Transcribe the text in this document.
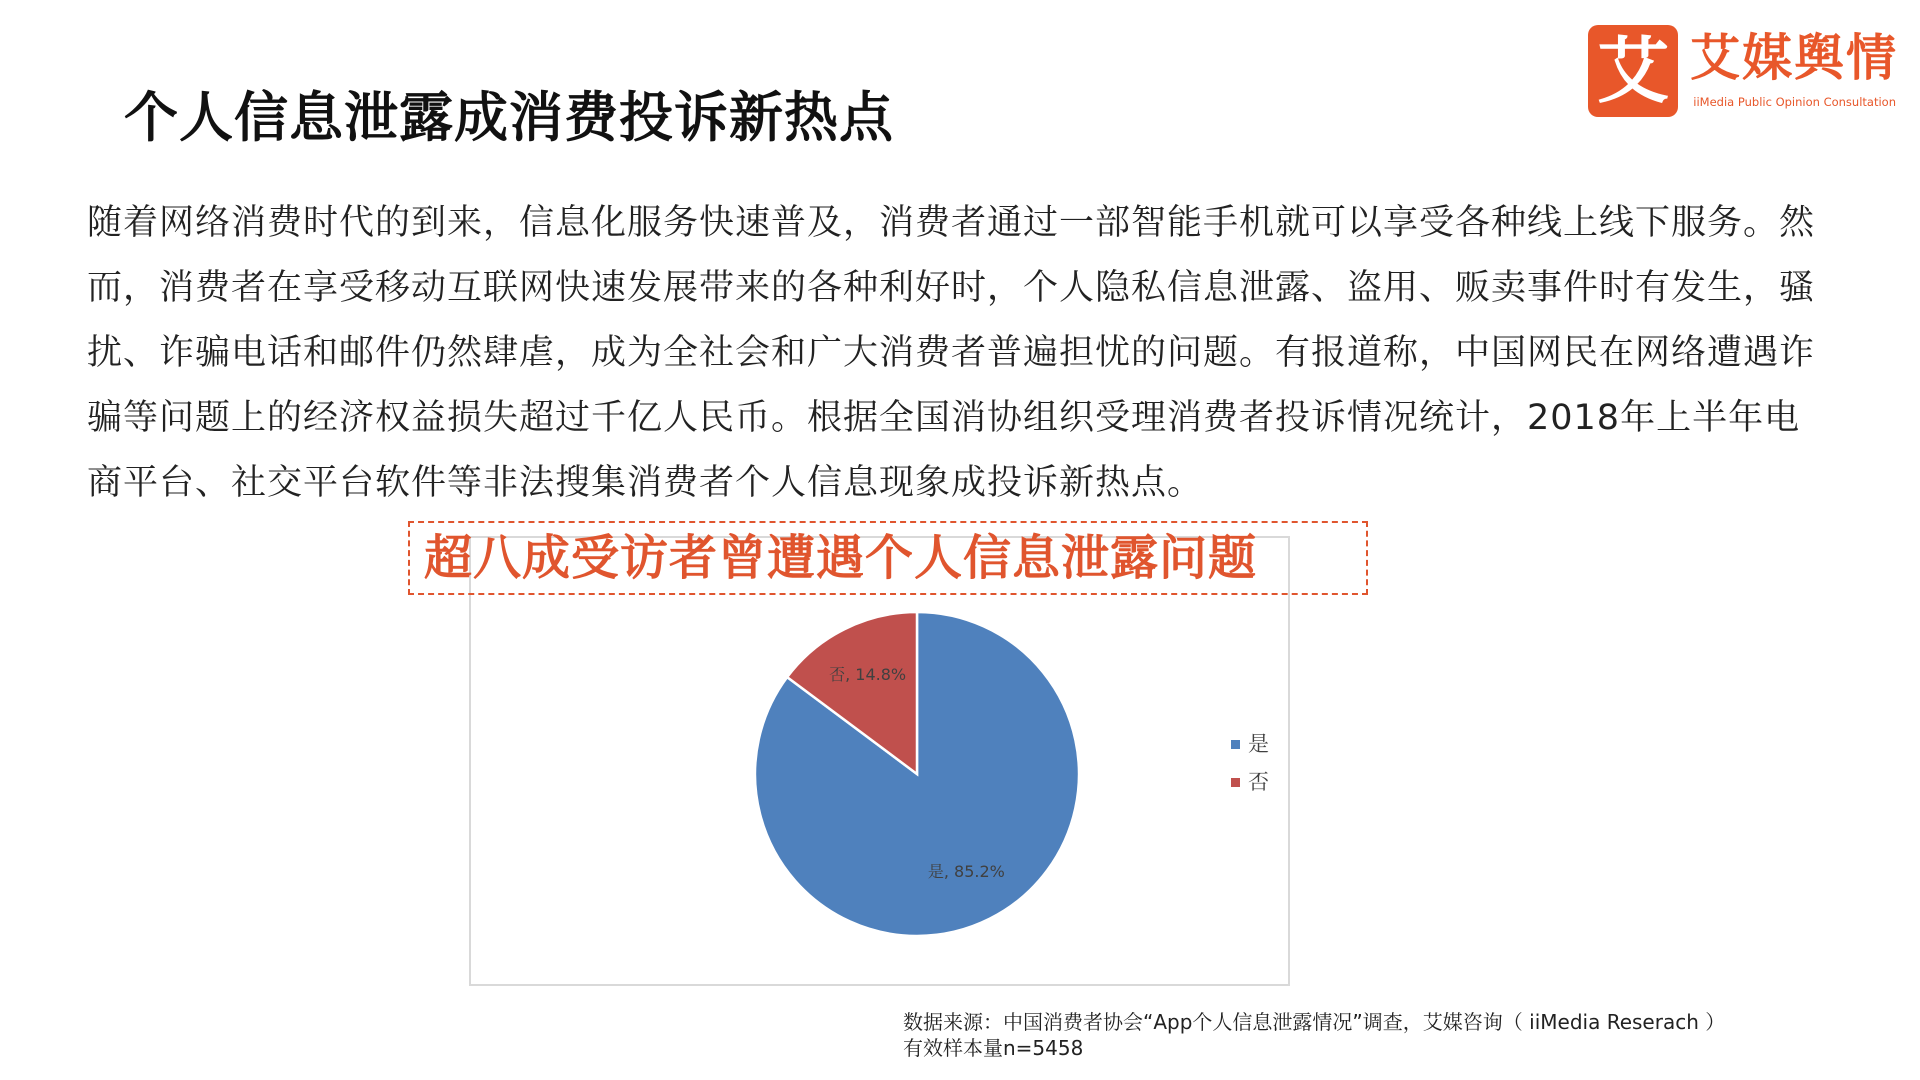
个人信息泄露成消费投诉新热点
艾 艾媒舆情
iiMedia Public Opinion Consultation
随着网络消费时代的到来，信息化服务快速普及，消费者通过一部智能手机就可以享受各种线上线下服务。然
而，消费者在享受移动互联网快速发展带来的各种利好时，个人隐私信息泄露、盗用、贩卖事件时有发生，骚
扰、诈骗电话和邮件仍然肆虐，成为全社会和广大消费者普遍担忧的问题。有报道称，中国网民在网络遭遇诈
骗等问题上的经济权益损失超过千亿人民币。根据全国消协组织受理消费者投诉情况统计，2018年上半年电
商平台、社交平台软件等非法搜集消费者个人信息现象成投诉新热点。
超八成受访者曾遭遇个人信息泄露问题
是, 85.2%
否, 14.8%
是
否
数据来源：中国消费者协会“App个人信息泄露情况”调查，艾媒咨询（ iiMedia Reserach ）
有效样本量n=5458
